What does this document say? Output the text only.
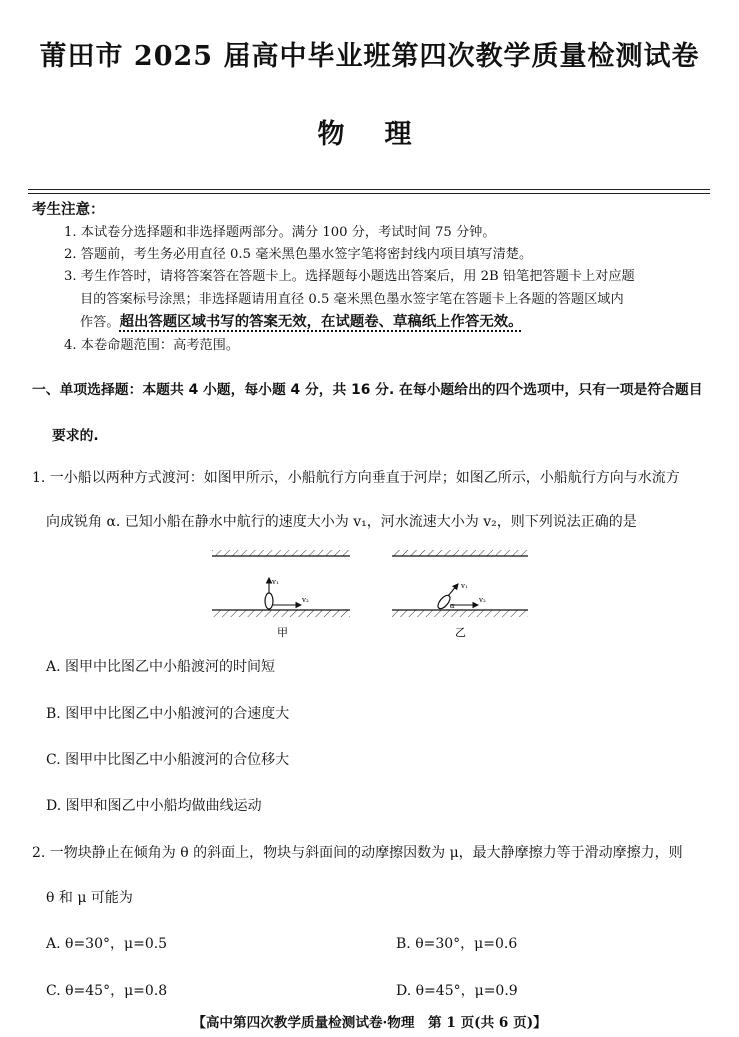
莆田市 2025 届高中毕业班第四次教学质量检测试卷
物理
考生注意：
1. 本试卷分选择题和非选择题两部分。满分 100 分，考试时间 75 分钟。
2. 答题前，考生务必用直径 0.5 毫米黑色墨水签字笔将密封线内项目填写清楚。
3. 考生作答时，请将答案答在答题卡上。选择题每小题选出答案后，用 2B 铅笔把答题卡上对应题
目的答案标号涂黑；非选择题请用直径 0.5 毫米黑色墨水签字笔在答题卡上各题的答题区域内
作答。超出答题区域书写的答案无效，在试题卷、草稿纸上作答无效。
4. 本卷命题范围：高考范围。
一、单项选择题：本题共 4 小题，每小题 4 分，共 16 分. 在每小题给出的四个选项中，只有一项是符合题目
要求的.
1. 一小船以两种方式渡河：如图甲所示，小船航行方向垂直于河岸；如图乙所示，小船航行方向与水流方
向成锐角 α. 已知小船在静水中航行的速度大小为 v₁，河水流速大小为 v₂，则下列说法正确的是
v₁
v₂
甲
v₁
v₂
α
乙
A. 图甲中比图乙中小船渡河的时间短
B. 图甲中比图乙中小船渡河的合速度大
C. 图甲中比图乙中小船渡河的合位移大
D. 图甲和图乙中小船均做曲线运动
2. 一物块静止在倾角为 θ 的斜面上，物块与斜面间的动摩擦因数为 μ，最大静摩擦力等于滑动摩擦力，则
θ 和 μ 可能为
A. θ=30°，μ=0.5	B. θ=30°，μ=0.6
C. θ=45°，μ=0.8	D. θ=45°，μ=0.9
【高中第四次教学质量检测试卷·物理　第 1 页(共 6 页)】
